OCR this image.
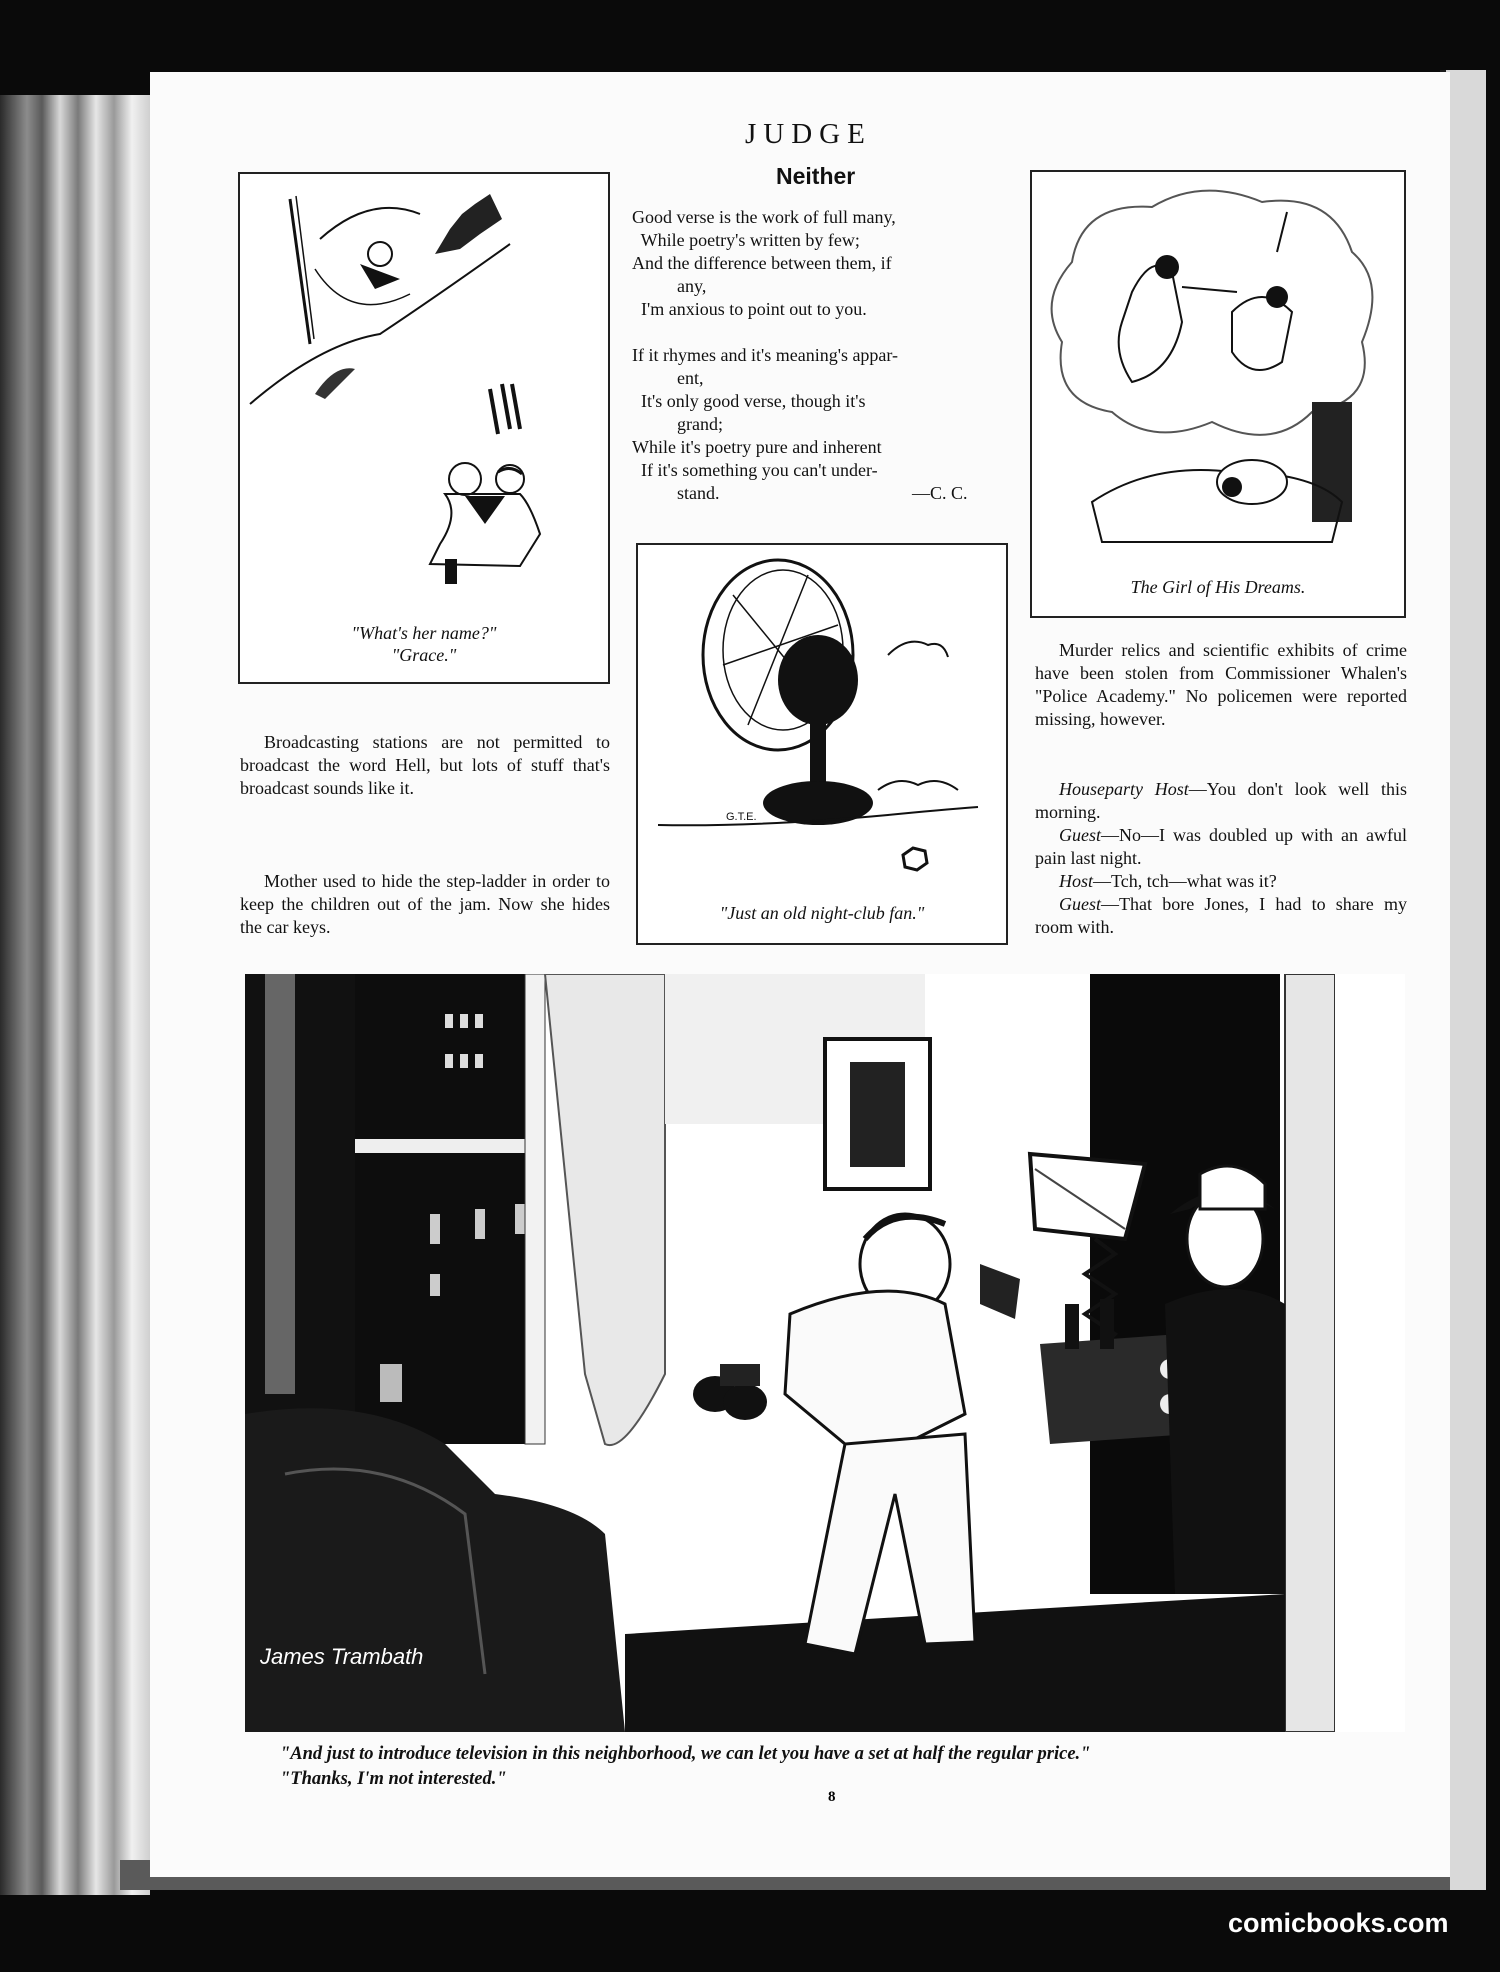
JUDGE
Neither

Good verse is the work of full many,

While poetry's written by few;

And the difference between them, if

any,

I'm anxious to point out to you.

If it rhymes and it's meaning's appar-

ent,

It's only good verse, though it's

grand;

While it's poetry pure and inherent

If it's something you can't under-

stand.	—C. C.

"What's her name?"
"Grace."
G.T.E.
"Just an old night-club fan."
The Girl of His Dreams.
Broadcasting stations are not permitted to broadcast the word Hell, but lots of stuff that's broadcast sounds like it.
Mother used to hide the step-ladder in order to keep the children out of the jam. Now she hides the car keys.
Murder relics and scientific exhibits of crime have been stolen from Commissioner Whalen's "Police Academy." No policemen were reported missing, however.
Houseparty Host—You don't look well this morning.
Guest—No—I was doubled up with an awful pain last night.
Host—Tch, tch—what was it?
Guest—That bore Jones, I had to share my room with.
James Trambath
"And just to introduce television in this neighborhood, we can let you have a set at half the regular price."
"Thanks, I'm not interested."
8
comicbooks.com
